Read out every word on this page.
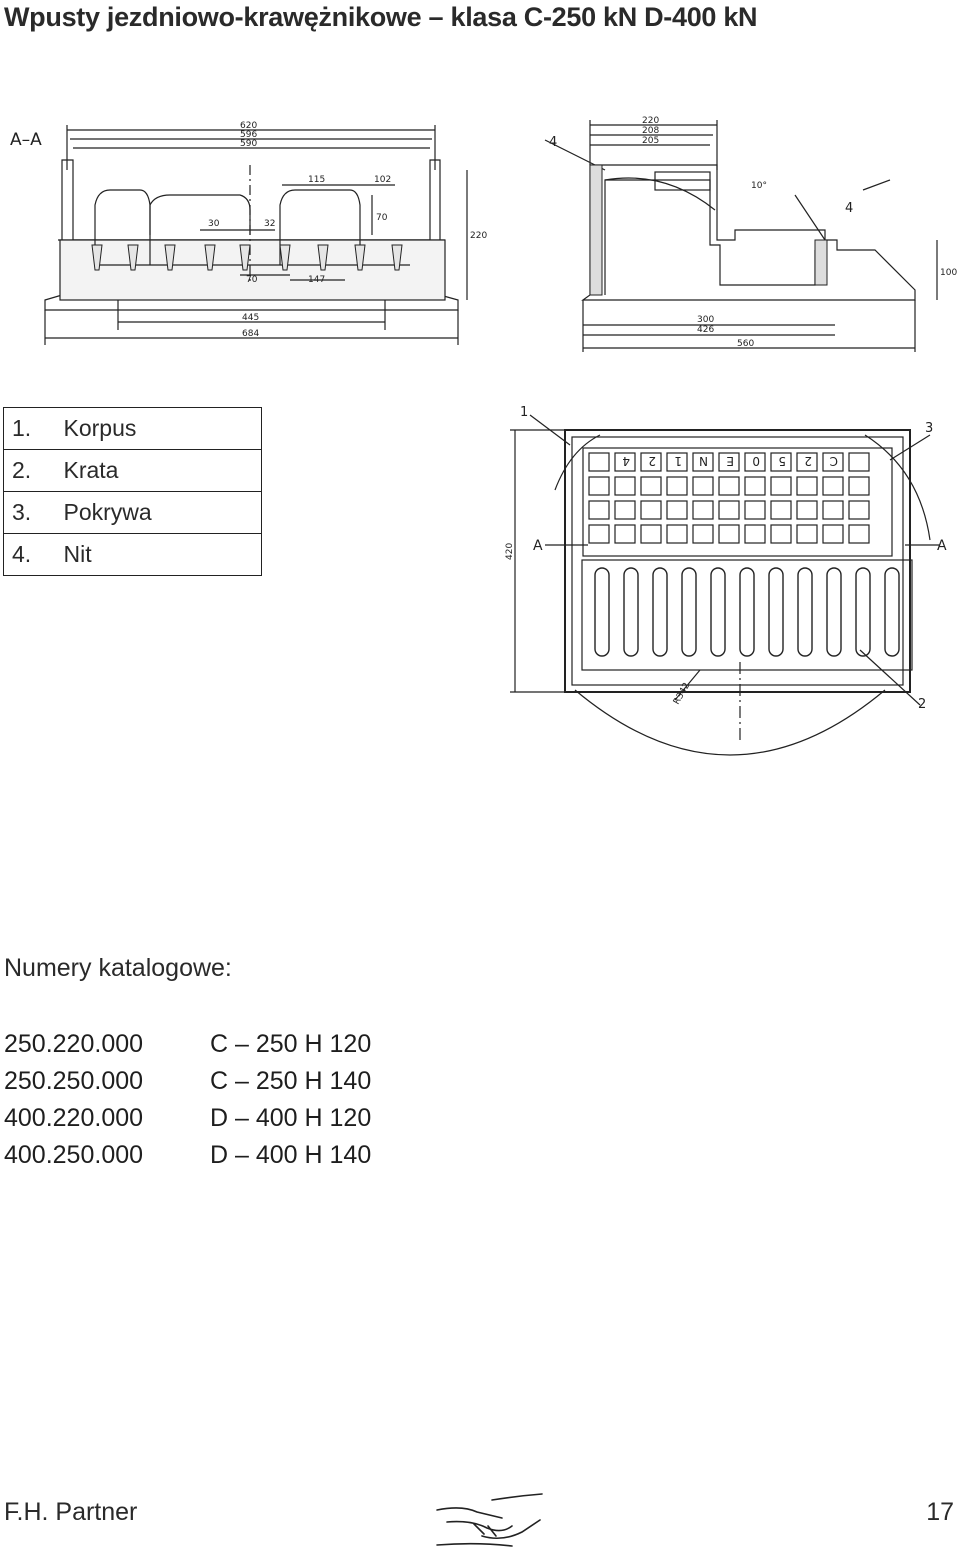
Wpusty jezdniowo-krawężnikowe – klasa C-250 kN D-400 kN
A–A
620
596
590
115	102
30	32
70
70	147
220
445
684
4
4
10°
220
208
205
300
426
560
100
1.	Korpus
2.	Krata
3.	Pokrywa
4.	Nit
4 2 1 N E 0 5 2 C
1
2
3
A	A
420
R342
Numery katalogowe:
250.220.000	C – 250 H 120
250.250.000	C – 250 H 140
400.220.000	D – 400 H 120
400.250.000	D – 400 H 140
F.H. Partner	17
